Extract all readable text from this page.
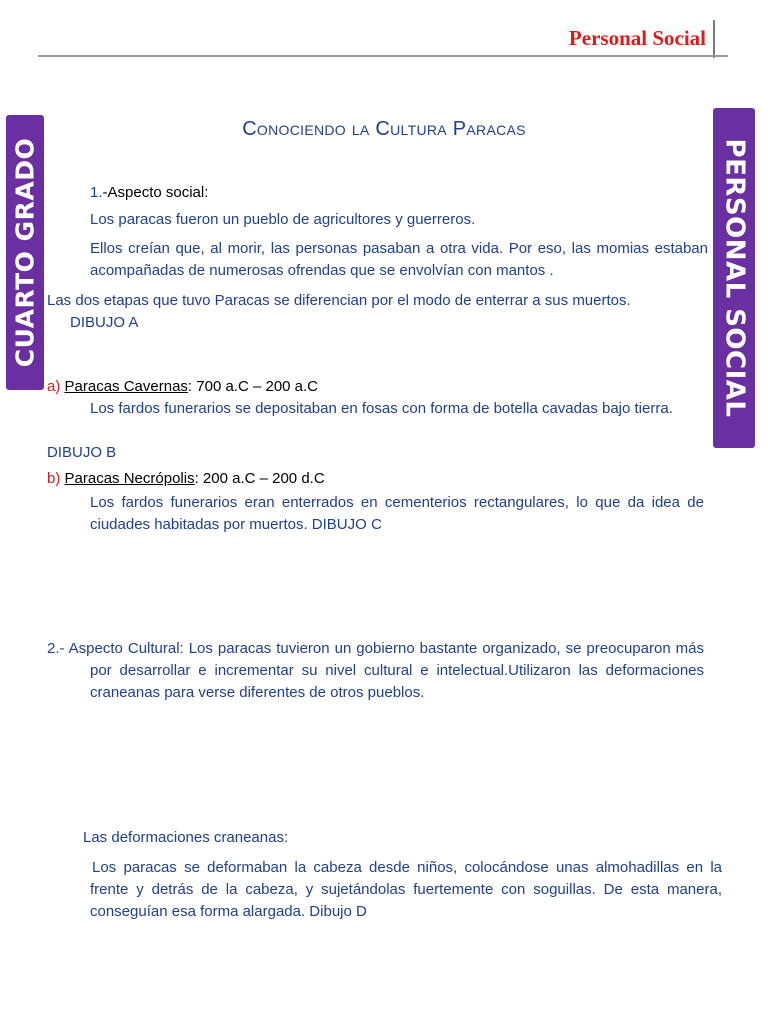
Personal Social
CUARTO GRADO	PERSONAL SOCIAL
Conociendo la Cultura Paracas
1.-Aspecto social:
Los paracas fueron un pueblo de agricultores y guerreros.
Ellos creían que, al morir, las personas pasaban a otra vida. Por eso, las momias estaban acompañadas de numerosas ofrendas que se envolvían con mantos .
Las dos etapas que tuvo Paracas se diferencian por el modo de enterrar a sus muertos.
DIBUJO A
a) Paracas Cavernas: 700 a.C – 200 a.C
Los fardos funerarios se depositaban en fosas con forma de botella cavadas bajo tierra.
DIBUJO B
b) Paracas Necrópolis: 200 a.C – 200 d.C
Los fardos funerarios eran enterrados en cementerios rectangulares, lo que da idea de ciudades habitadas por muertos. DIBUJO C
2.- Aspecto Cultural: Los paracas tuvieron un gobierno bastante organizado, se preocuparon más por desarrollar e incrementar su nivel cultural e intelectual.Utilizaron las deformaciones craneanas para verse diferentes de otros pueblos.
Las deformaciones craneanas:
Los paracas se deformaban la cabeza desde niños, colocándose unas almohadillas en la frente y detrás de la cabeza, y sujetándolas fuertemente con soguillas. De esta manera, conseguían esa forma alargada. Dibujo D
